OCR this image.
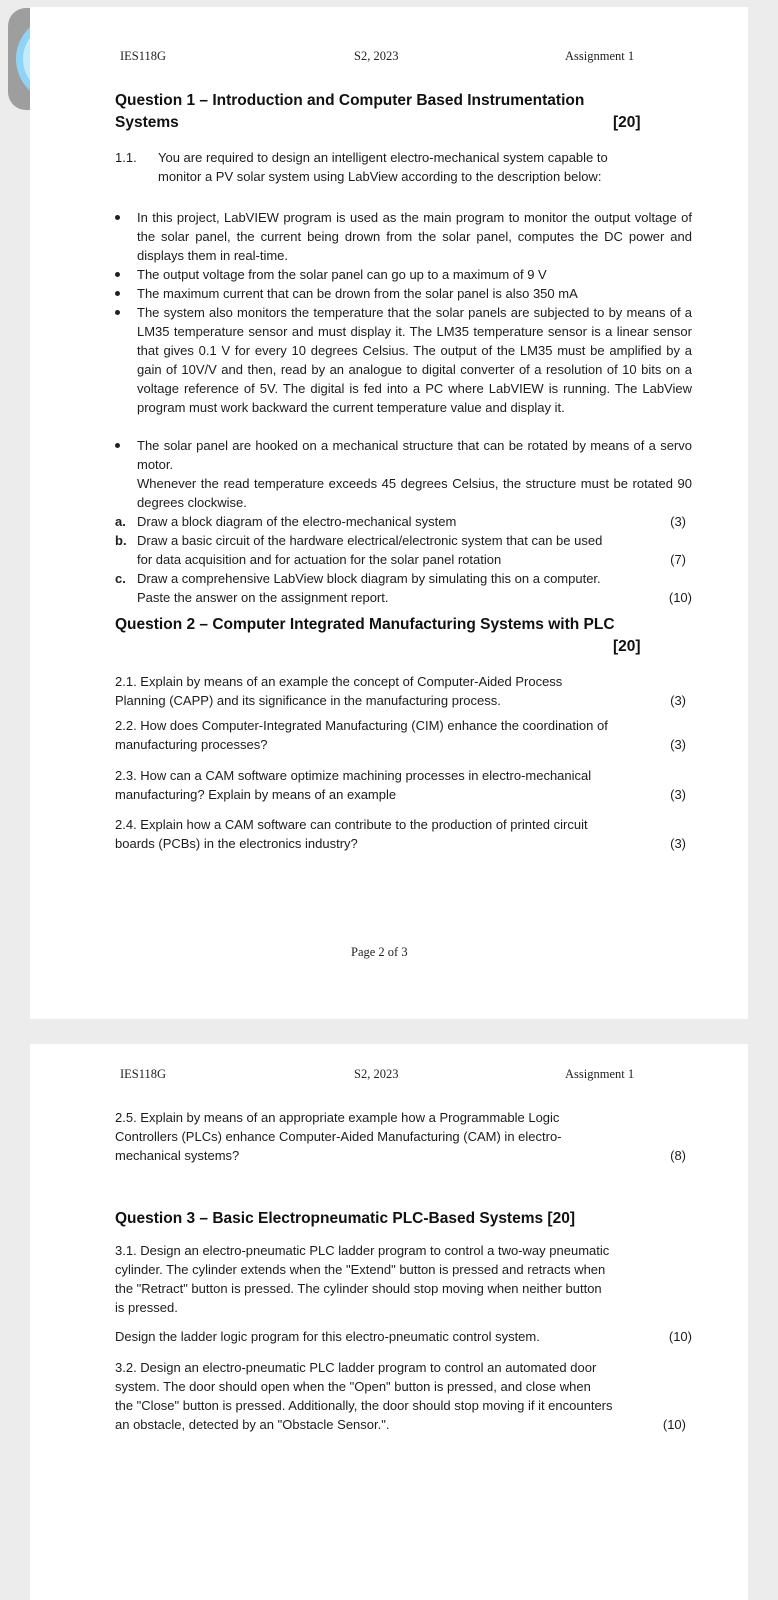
IES118G	S2, 2023	Assignment 1
Question 1 – Introduction and Computer Based Instrumentation
Systems	[20]
1.1. You are required to design an intelligent electro-mechanical system capable to
monitor a PV solar system using LabView according to the description below:
In this project, LabVIEW program is used as the main program to monitor the output voltage of the solar panel, the current being drown from the solar panel, computes the DC power and displays them in real-time.
The output voltage from the solar panel can go up to a maximum of 9 V
The maximum current that can be drown from the solar panel is also 350 mA
The system also monitors the temperature that the solar panels are subjected to by means of a LM35 temperature sensor and must display it. The LM35 temperature sensor is a linear sensor that gives 0.1 V for every 10 degrees Celsius. The output of the LM35 must be amplified by a gain of 10V/V and then, read by an analogue to digital converter of a resolution of 10 bits on a voltage reference of 5V. The digital is fed into a PC where LabVIEW is running. The LabView program must work backward the current temperature value and display it.
The solar panel are hooked on a mechanical structure that can be rotated by means of a servo motor.
Whenever the read temperature exceeds 45 degrees Celsius, the structure must be rotated 90 degrees clockwise.
a. Draw a block diagram of the electro-mechanical system	(3)
b. Draw a basic circuit of the hardware electrical/electronic system that can be used
for data acquisition and for actuation for the solar panel rotation	(7)
c. Draw a comprehensive LabView block diagram by simulating this on a computer.
Paste the answer on the assignment report.	(10)
Question 2 – Computer Integrated Manufacturing Systems with PLC
[20]
2.1. Explain by means of an example the concept of Computer-Aided Process
Planning (CAPP) and its significance in the manufacturing process.	(3)
2.2. How does Computer-Integrated Manufacturing (CIM) enhance the coordination of
manufacturing processes?	(3)
2.3. How can a CAM software optimize machining processes in electro-mechanical
manufacturing? Explain by means of an example	(3)
2.4. Explain how a CAM software can contribute to the production of printed circuit
boards (PCBs) in the electronics industry?	(3)
Page 2 of 3
IES118G	S2, 2023	Assignment 1
2.5. Explain by means of an appropriate example how a Programmable Logic
Controllers (PLCs) enhance Computer-Aided Manufacturing (CAM) in electro-
mechanical systems?	(8)
Question 3 – Basic Electropneumatic PLC-Based Systems [20]
3.1. Design an electro-pneumatic PLC ladder program to control a two-way pneumatic
cylinder. The cylinder extends when the "Extend" button is pressed and retracts when
the "Retract" button is pressed. The cylinder should stop moving when neither button
is pressed.
Design the ladder logic program for this electro-pneumatic control system.	(10)
3.2. Design an electro-pneumatic PLC ladder program to control an automated door
system. The door should open when the "Open" button is pressed, and close when
the "Close" button is pressed. Additionally, the door should stop moving if it encounters
an obstacle, detected by an "Obstacle Sensor.".	(10)
